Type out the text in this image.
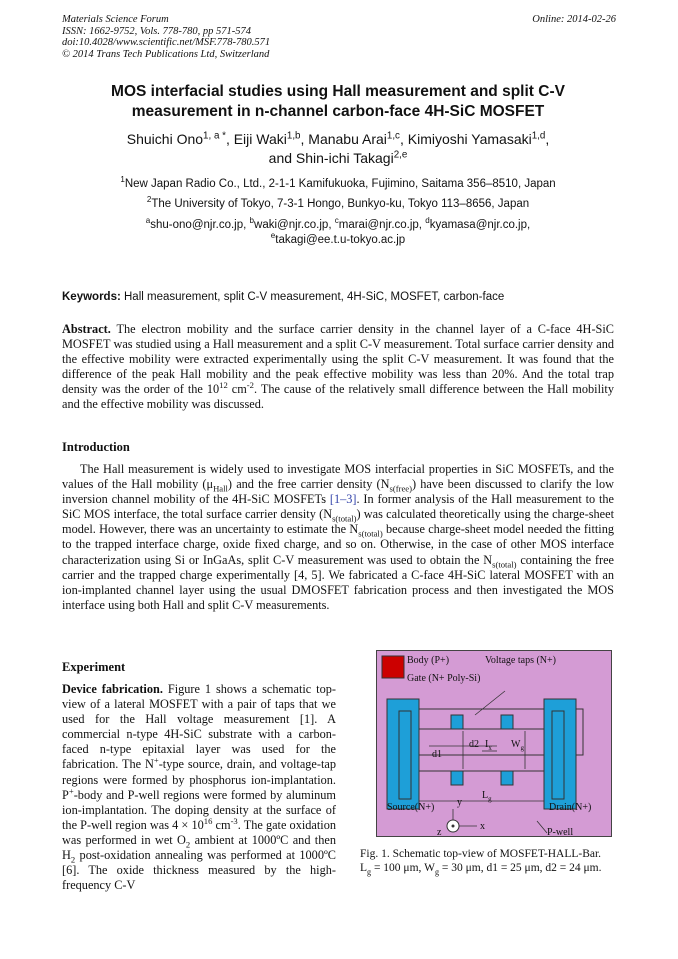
Materials Science Forum
ISSN: 1662-9752, Vols. 778-780, pp 571-574
doi:10.4028/www.scientific.net/MSF.778-780.571
© 2014 Trans Tech Publications Ltd, Switzerland
Online: 2014-02-26
MOS interfacial studies using Hall measurement and split C-V
measurement in n-channel carbon-face 4H-SiC MOSFET
Shuichi Ono$^{1, a *}$, Eiji Waki$^{1,b}$, Manabu Arai$^{1,c}$, Kimiyoshi Yamasaki$^{1,d}$,
and Shin-ichi Takagi$^{2,e}$
$^1$New Japan Radio Co., Ltd., 2-1-1 Kamifukuoka, Fujimino, Saitama 356–8510, Japan
$^2$The University of Tokyo, 7-3-1 Hongo, Bunkyo-ku, Tokyo 113–8656, Japan
$^a$shu-ono@njr.co.jp, $^b$waki@njr.co.jp, $^c$marai@njr.co.jp, $^d$kyamasa@njr.co.jp,
$^e$takagi@ee.t.u-tokyo.ac.jp
Keywords: Hall measurement, split C-V measurement, 4H-SiC, MOSFET, carbon-face
Abstract. The electron mobility and the surface carrier density in the channel layer of a C-face 4H-SiC MOSFET was studied using a Hall measurement and a split C-V measurement. Total surface carrier density and the effective mobility were extracted experimentally using the split C-V measurement. It was found that the difference of the peak Hall mobility and the peak effective mobility was less than 20%. And the total trap density was the order of the $10^{12}$ $cm^{-2}$. The cause of the relatively small difference between the Hall mobility and the effective mobility was discussed.
Introduction
The Hall measurement is widely used to investigate MOS interfacial properties in SiC MOSFETs, and the values of the Hall mobility $(\mu_{Hall})$ and the free carrier density $(N_{s(free)})$ have been discussed to clarify the low inversion channel mobility of the 4H-SiC MOSFETs [1–3]. In former analysis of the Hall measurement to the SiC MOS interface, the total surface carrier density $(N_{s(total)})$ was calculated theoretically using the charge-sheet model. However, there was an uncertainty to estimate the $N_{s(total)}$ because charge-sheet model needed the fitting to the trapped interface charge, oxide fixed charge, and so on. Otherwise, in the case of other MOS interface characterization using Si or InGaAs, split C-V measurement was used to obtain the $N_{s(total)}$ containing the free carrier and the trapped charge experimentally [4, 5]. We fabricated a C-face 4H-SiC lateral MOSFET with an ion-implanted channel layer using the usual DMOSFET fabrication process and then investigated the MOS interface using both Hall and split C-V measurements.
Experiment
Device fabrication. Figure 1 shows a schematic top-view of a lateral MOSFET with a pair of taps that we used for the Hall voltage measurement [1]. A commercial n-type 4H-SiC substrate with a carbon-faced n-type epitaxial layer was used for the fabrication. The N+-type source, drain, and voltage-tap regions were formed by phosphorus ion-implantation. P+-body and P-well regions were formed by aluminum ion-implantation. The doping density at the surface of the P-well region was $4 \times 10^{16}$ $cm^{-3}$. The gate oxidation was performed in wet $O_2$ ambient at 1000ºC and then $H_2$ post-oxidation annealing was performed at 1000ºC [6]. The oxide thickness measured by the high-frequency C-V
Body (P+)	Voltage taps (N+)
Gate (N+ Poly-Si)
d2 $I_x$ $W_g$
d1
$L_g$
Source(N+)	Drain(N+)
y
x
z	P-well
Fig. 1. Schematic top-view of MOSFET-HALL-Bar.
$L_g = 100$ μm, $W_g = 30$ μm, d1 = 25 μm, d2 = 24 μm.
